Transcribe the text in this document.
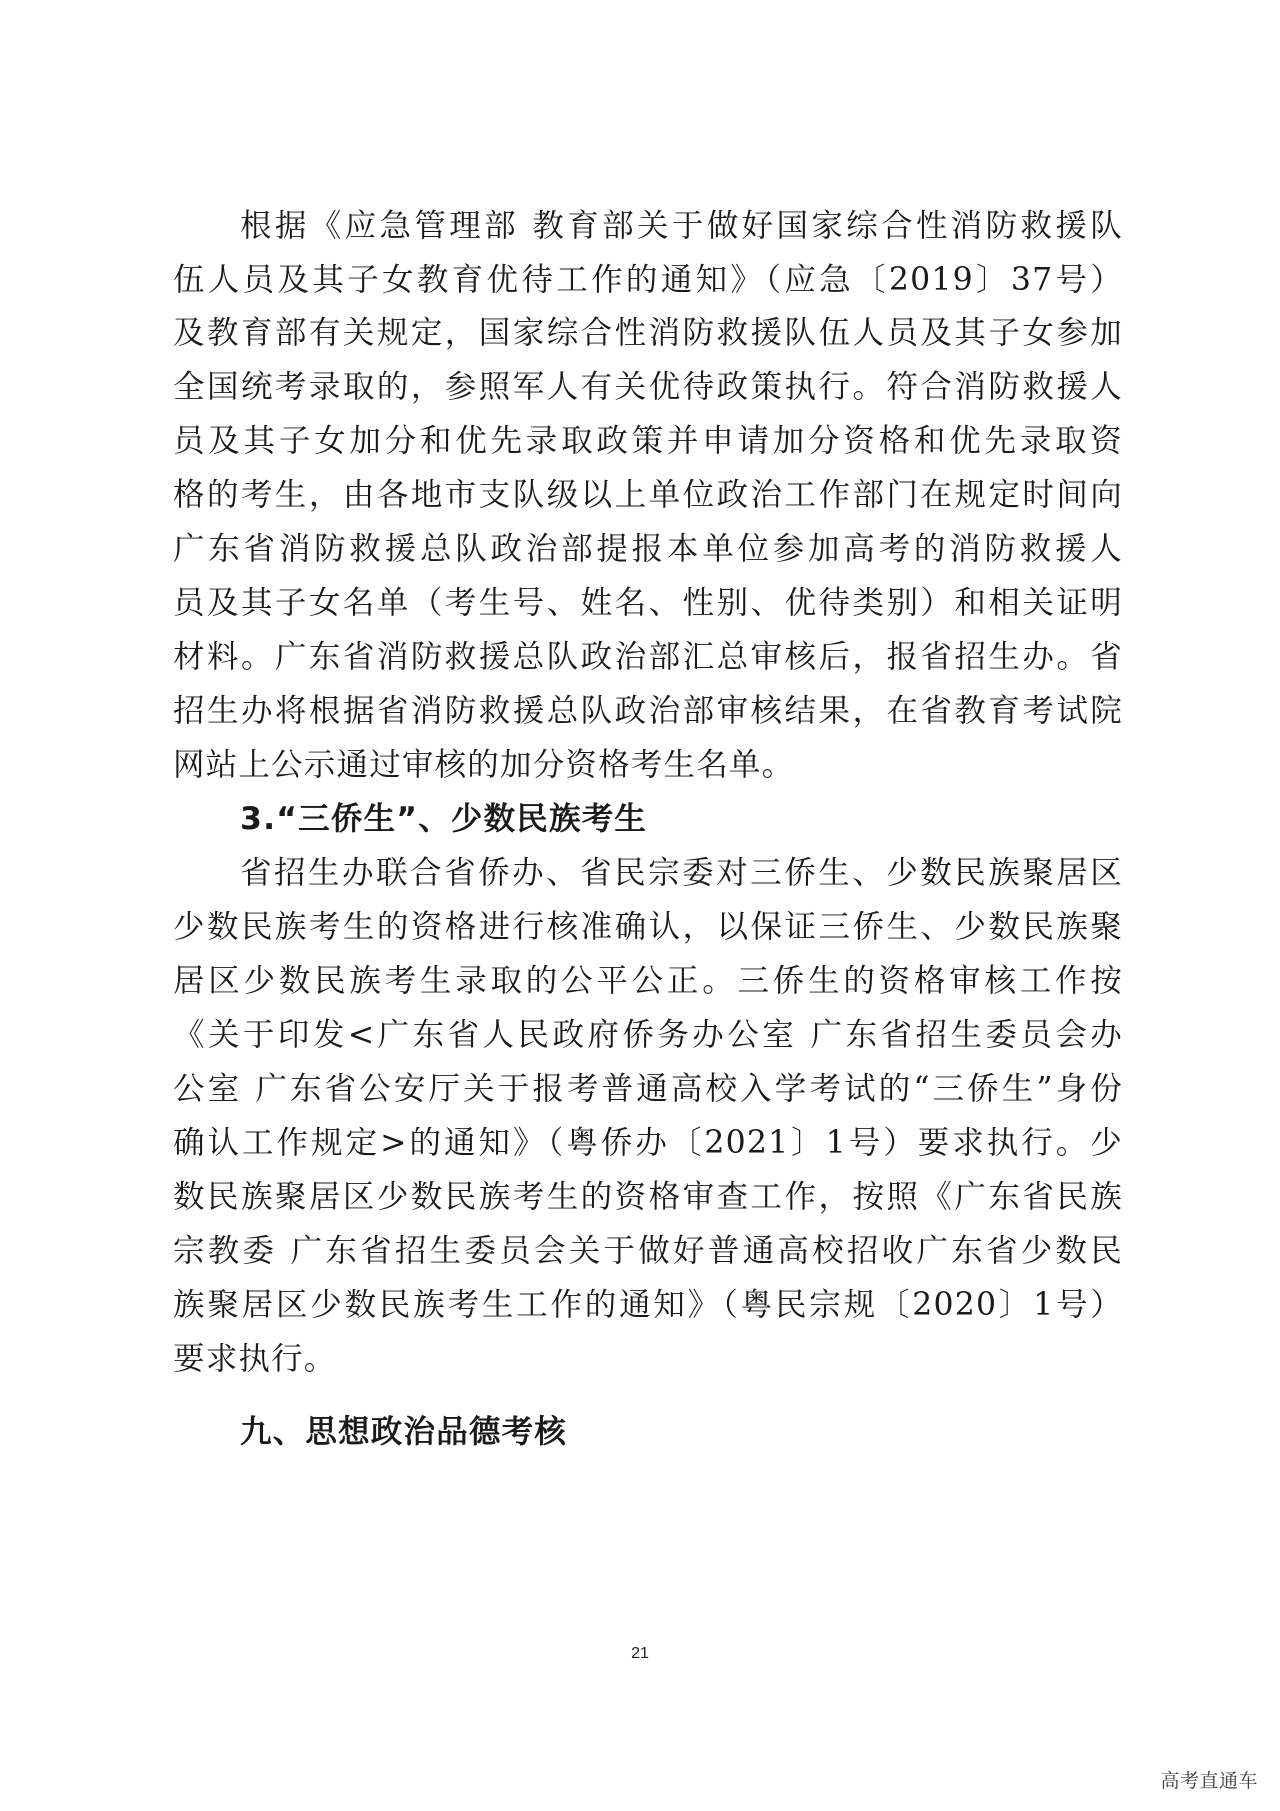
根据《应急管理部 教育部关于做好国家综合性消防救援队
伍人员及其子女教育优待工作的通知》（应急〔2019〕37号）
及教育部有关规定，国家综合性消防救援队伍人员及其子女参加
全国统考录取的，参照军人有关优待政策执行。符合消防救援人
员及其子女加分和优先录取政策并申请加分资格和优先录取资
格的考生，由各地市支队级以上单位政治工作部门在规定时间向
广东省消防救援总队政治部提报本单位参加高考的消防救援人
员及其子女名单（考生号、姓名、性别、优待类别）和相关证明
材料。广东省消防救援总队政治部汇总审核后，报省招生办。省
招生办将根据省消防救援总队政治部审核结果，在省教育考试院
网站上公示通过审核的加分资格考生名单。
3.“三侨生”、少数民族考生
省招生办联合省侨办、省民宗委对三侨生、少数民族聚居区
少数民族考生的资格进行核准确认，以保证三侨生、少数民族聚
居区少数民族考生录取的公平公正。三侨生的资格审核工作按
《关于印发<广东省人民政府侨务办公室 广东省招生委员会办
公室 广东省公安厅关于报考普通高校入学考试的“三侨生”身份
确认工作规定>的通知》（粤侨办〔2021〕1号）要求执行。少
数民族聚居区少数民族考生的资格审查工作，按照《广东省民族
宗教委 广东省招生委员会关于做好普通高校招收广东省少数民
族聚居区少数民族考生工作的通知》（粤民宗规〔2020〕1号）
要求执行。
九、思想政治品德考核
21
高考直通车
